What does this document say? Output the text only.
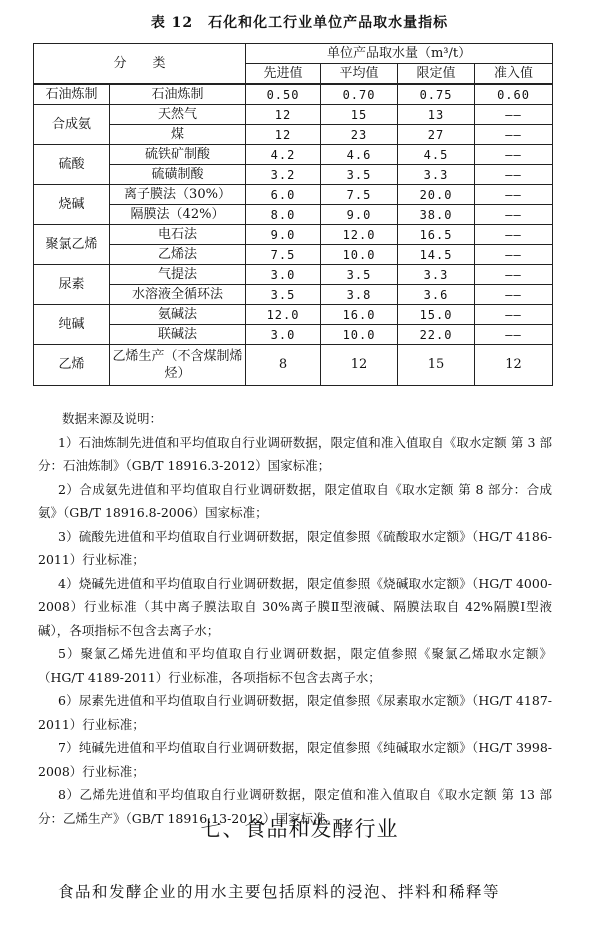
表 12　石化和化工行业单位产品取水量指标
分　　类		单位产品取水量（m³/t）			
		先进值	平均值	限定值	准入值
石油炼制	石油炼制	0.50	0.70	0.75	0.60
合成氨	天然气	12	15	13	——
	煤	12	23	27	——
硫酸	硫铁矿制酸	4.2	4.6	4.5	——
	硫磺制酸	3.2	3.5	3.3	——
烧碱	离子膜法（30%）	6.0	7.5	20.0	——
	隔膜法（42%）	8.0	9.0	38.0	——
聚氯乙烯	电石法	9.0	12.0	16.5	——
	乙烯法	7.5	10.0	14.5	——
尿素	气提法	3.0	3.5	3.3	——
	水溶液全循环法	3.5	3.8	3.6	——
纯碱	氨碱法	12.0	16.0	15.0	——
	联碱法	3.0	10.0	22.0	——
乙烯	乙烯生产（不含煤制烯烃）	8	12	15	12

数据来源及说明：

1）石油炼制先进值和平均值取自行业调研数据，限定值和准入值取自《取水定额 第 3 部分：石油炼制》（GB/T 18916.3-2012）国家标准；

2）合成氨先进值和平均值取自行业调研数据，限定值取自《取水定额 第 8 部分：合成氨》（GB/T 18916.8-2006）国家标准；

3）硫酸先进值和平均值取自行业调研数据，限定值参照《硫酸取水定额》（HG/T 4186-2011）行业标准；

4）烧碱先进值和平均值取自行业调研数据，限定值参照《烧碱取水定额》（HG/T 4000-2008）行业标准（其中离子膜法取自 30%离子膜Ⅱ型液碱、隔膜法取自 42%隔膜Ⅰ型液碱），各项指标不包含去离子水；

5）聚氯乙烯先进值和平均值取自行业调研数据，限定值参照《聚氯乙烯取水定额》（HG/T 4189-2011）行业标准，各项指标不包含去离子水；

6）尿素先进值和平均值取自行业调研数据，限定值参照《尿素取水定额》（HG/T 4187-2011）行业标准；

7）纯碱先进值和平均值取自行业调研数据，限定值参照《纯碱取水定额》（HG/T 3998-2008）行业标准；

8）乙烯先进值和平均值取自行业调研数据，限定值和准入值取自《取水定额 第 13 部分：乙烯生产》（GB/T 18916.13-2012）国家标准。

七、食品和发酵行业
食品和发酵企业的用水主要包括原料的浸泡、拌料和稀释等
